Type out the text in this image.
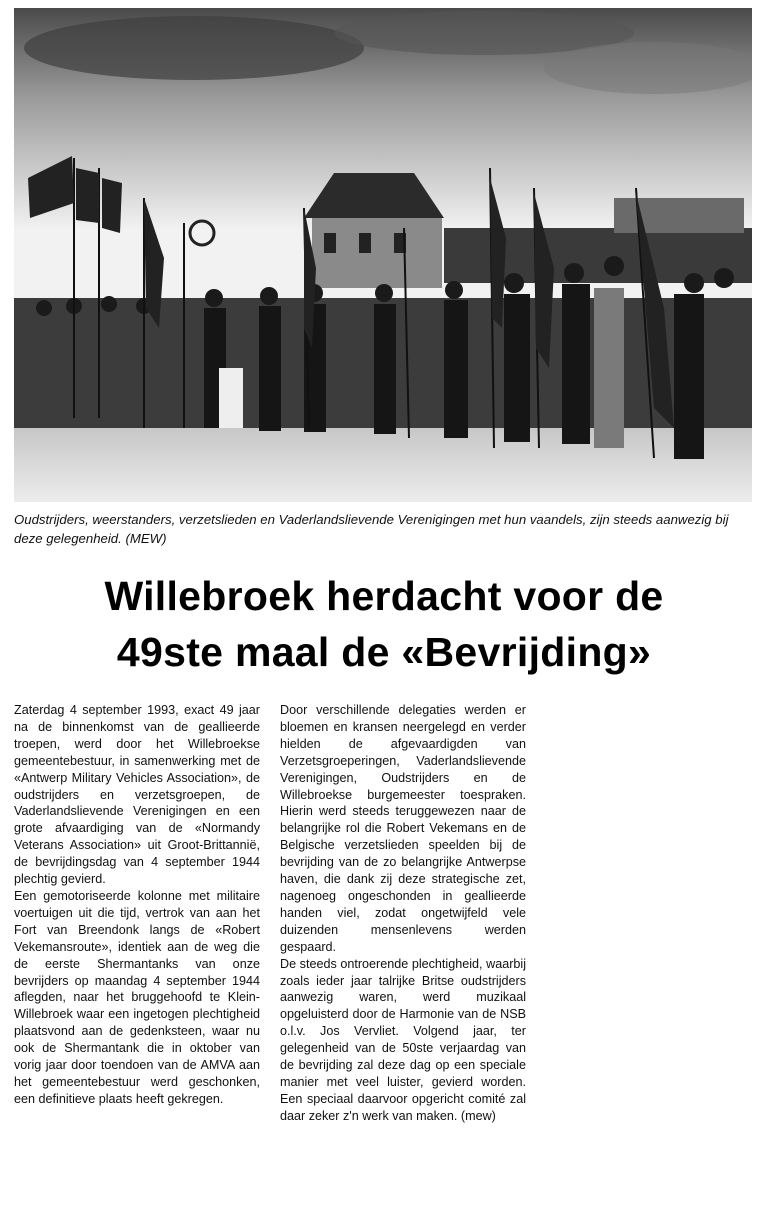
Oudstrijders, weerstanders, verzetslieden en Vaderlandslievende Verenigingen met hun vaandels, zijn steeds aanwezig bij deze gelegenheid. (MEW)
Willebroek herdacht voor de
49ste maal de «Bevrijding»

Zaterdag 4 september 1993, exact 49 jaar na de binnenkomst van de geallieerde troepen, werd door het Willebroekse gemeentebestuur, in samenwerking met de «Antwerp Military Vehicles Association», de oudstrijders en verzetsgroepen, de Vaderlandslievende Verenigingen en een grote afvaardiging van de «Normandy Veterans Association» uit Groot-Brittannië, de bevrijdingsdag van 4 september 1944 plechtig gevierd.

Een gemotoriseerde kolonne met militaire voertuigen uit die tijd, vertrok van aan het Fort van Breendonk langs de «Robert Vekemansroute», identiek aan de weg die de eerste Shermantanks van onze bevrijders op maandag 4 september 1944 aflegden, naar het bruggehoofd te Klein-Willebroek waar een ingetogen plechtigheid plaatsvond aan de gedenksteen, waar nu ook de Shermantank die in oktober van vorig jaar door toendoen van de AMVA aan het gemeentebestuur werd geschonken, een definitieve plaats heeft gekregen.

Door verschillende delegaties werden er bloemen en kransen neergelegd en verder hielden de afgevaardigden van Verzetsgroeperingen, Vaderlandslievende Verenigingen, Oudstrijders en de Willebroekse burgemeester toespraken. Hierin werd steeds teruggewezen naar de belangrijke rol die Robert Vekemans en de Belgische verzetslieden speelden bij de bevrijding van de zo belangrijke Antwerpse haven, die dank zij deze strategische zet, nagenoeg ongeschonden in geallieerde handen viel, zodat ongetwijfeld vele duizenden mensenlevens werden gespaard.

De steeds ontroerende plechtigheid, waarbij zoals ieder jaar talrijke Britse oudstrijders aanwezig waren, werd muzikaal opgeluisterd door de Harmonie van de NSB o.l.v. Jos Vervliet. Volgend jaar, ter gelegenheid van de 50ste verjaardag van de bevrijding zal deze dag op een speciale manier met veel luister, gevierd worden. Een speciaal daarvoor opgericht comité zal daar zeker z'n werk van maken. (mew)
